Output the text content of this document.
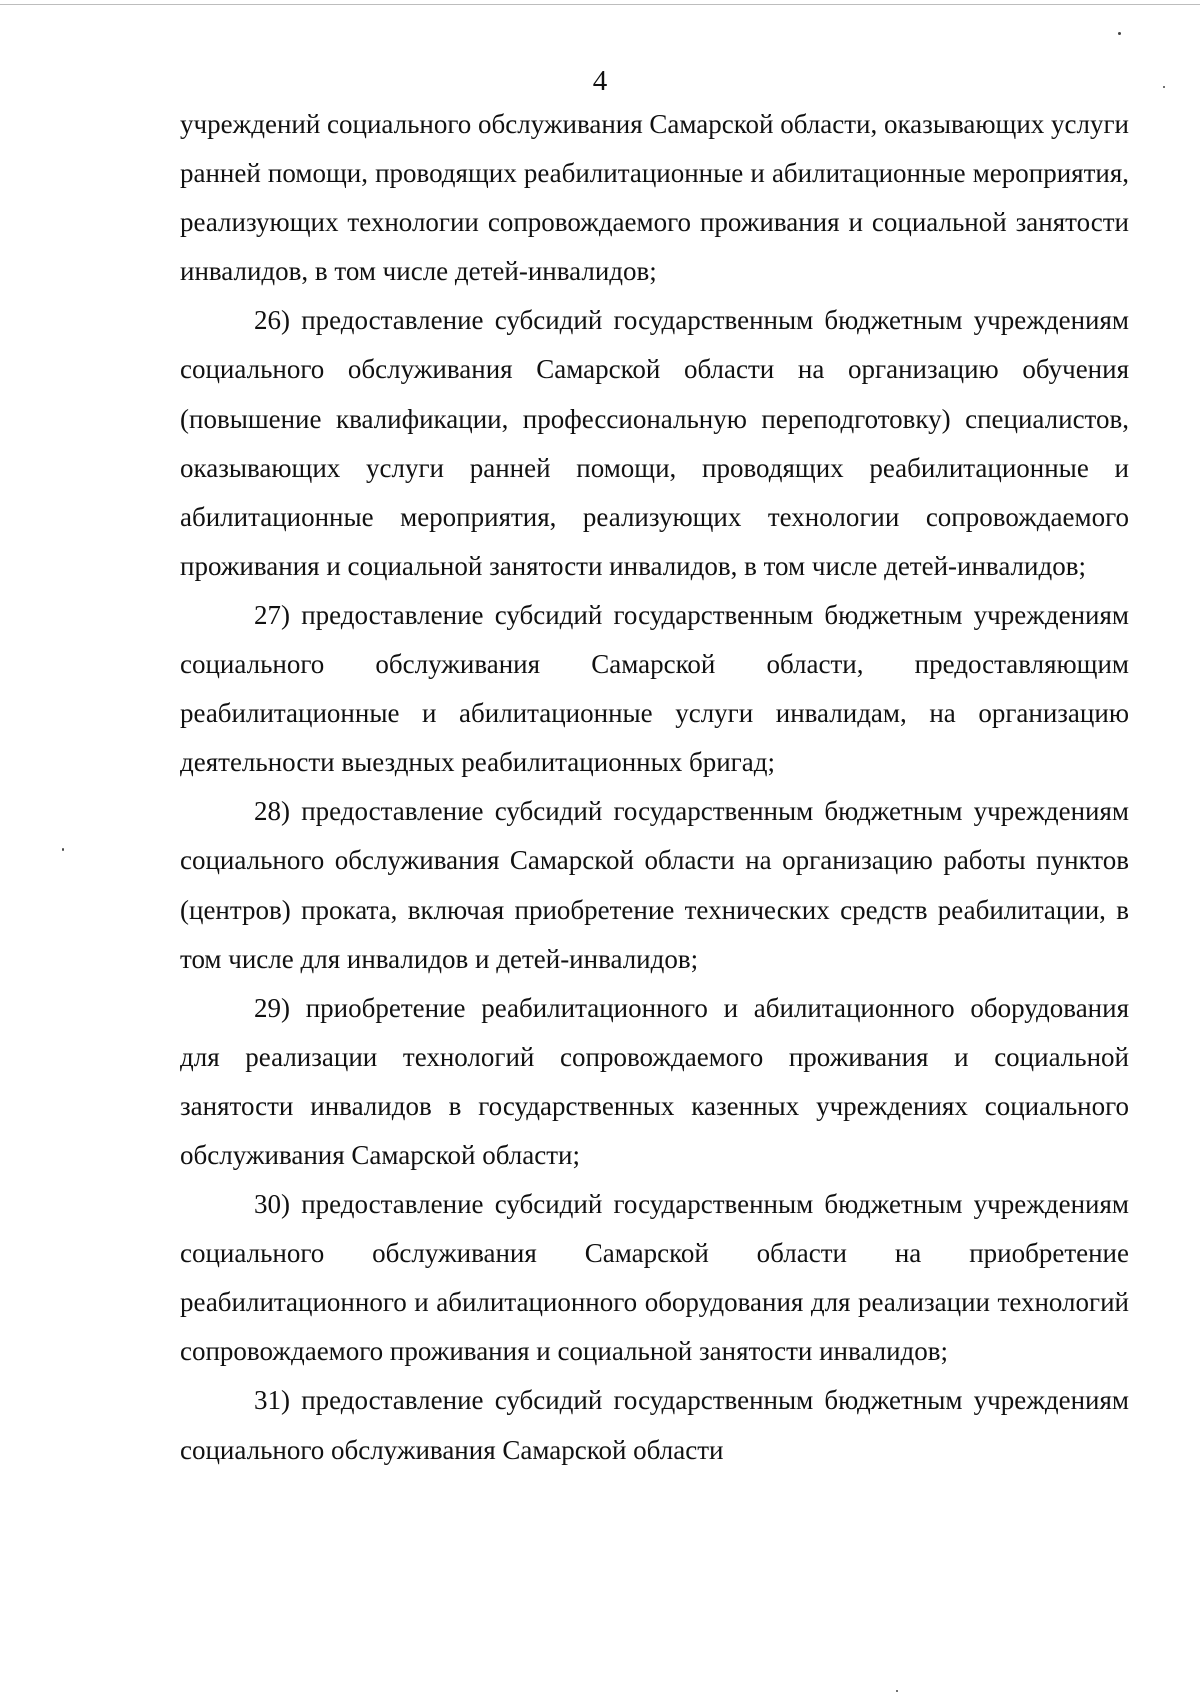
4

учреждений социального обслуживания Самарской области, оказывающих услуги ранней помощи, проводящих реабилитационные и абилитационные мероприятия, реализующих технологии сопровождаемого проживания и социальной занятости инвалидов, в том числе детей-инвалидов;

26) предоставление субсидий государственным бюджетным учреждениям социального обслуживания Самарской области на организацию обучения (повышение квалификации, профессиональную переподготовку) специалистов, оказывающих услуги ранней помощи, проводящих реабилитационные и абилитационные мероприятия, реализующих технологии сопровождаемого проживания и социальной занятости инвалидов, в том числе детей-инвалидов;

27) предоставление субсидий государственным бюджетным учреждениям социального обслуживания Самарской области, предоставляющим реабилитационные и абилитационные услуги инвалидам, на организацию деятельности выездных реабилитационных бригад;

28) предоставление субсидий государственным бюджетным учреждениям социального обслуживания Самарской области на организацию работы пунктов (центров) проката, включая приобретение технических средств реабилитации, в том числе для инвалидов и детей-инвалидов;

29) приобретение реабилитационного и абилитационного оборудования для реализации технологий сопровождаемого проживания и социальной занятости инвалидов в государственных казенных учреждениях социального обслуживания Самарской области;

30) предоставление субсидий государственным бюджетным учреждениям социального обслуживания Самарской области на приобретение реабилитационного и абилитационного оборудования для реализации технологий сопровождаемого проживания и социальной занятости инвалидов;

31) предоставление субсидий государственным бюджетным учреждениям социального обслуживания Самарской области
